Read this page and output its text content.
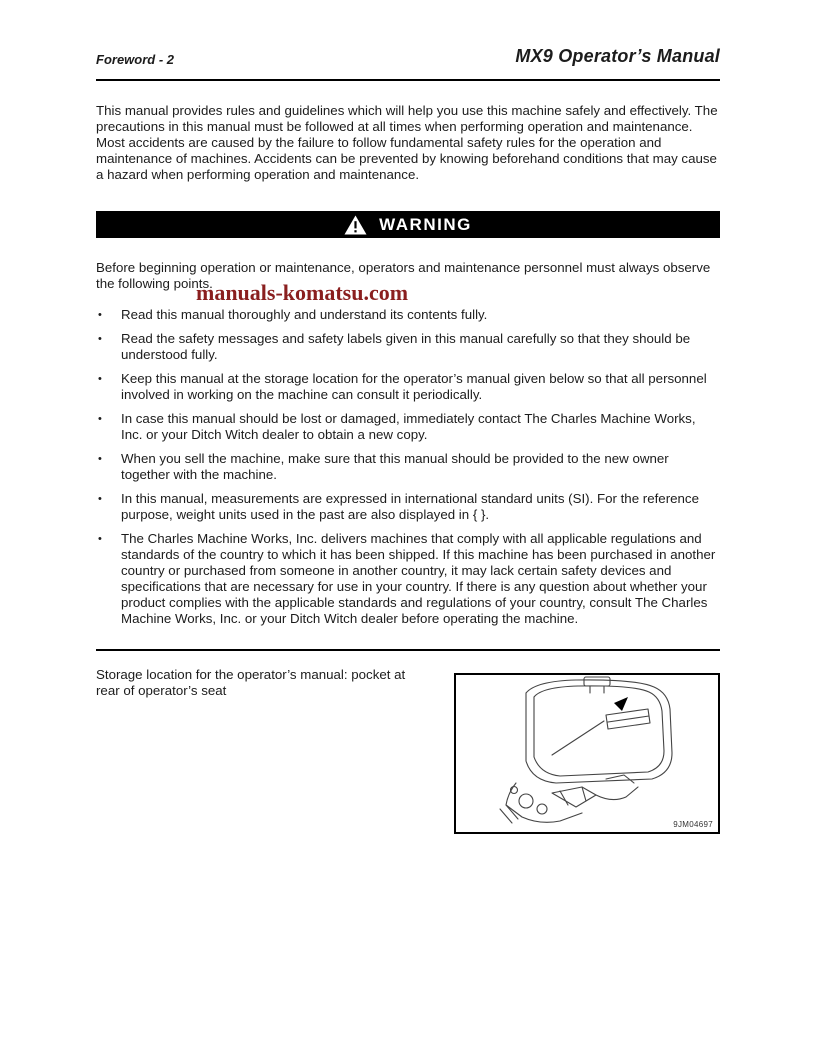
Foreword - 2	MX9 Operator’s Manual

This manual provides rules and guidelines which will help you use this machine safely and effectively. The precautions in this manual must be followed at all times when performing operation and maintenance. Most accidents are caused by the failure to follow fundamental safety rules for the operation and maintenance of machines. Accidents can be prevented by knowing beforehand conditions that may cause a hazard when performing operation and maintenance.

WARNING

Before beginning operation or maintenance, operators and maintenance personnel must always observe the following points.

manuals-komatsu.com
• Read this manual thoroughly and understand its contents fully.
• Read the safety messages and safety labels given in this manual carefully so that they should be understood fully.
• Keep this manual at the storage location for the operator’s manual given below so that all personnel involved in working on the machine can consult it periodically.
• In case this manual should be lost or damaged, immediately contact The Charles Machine Works, Inc. or your Ditch Witch dealer to obtain a new copy.
• When you sell the machine, make sure that this manual should be provided to the new owner together with the machine.
• In this manual, measurements are expressed in international standard units (SI). For the reference purpose, weight units used in the past are also displayed in { }.
• The Charles Machine Works, Inc. delivers machines that comply with all applicable regulations and standards of the country to which it has been shipped. If this machine has been purchased in another country or purchased from someone in another country, it may lack certain safety devices and specifications that are necessary for use in your country. If there is any question about whether your product complies with the applicable standards and regulations of your country, consult The Charles Machine Works, Inc. or your Ditch Witch dealer before operating the machine.
Storage location for the operator’s manual: pocket at rear of operator’s seat
9JM04697
